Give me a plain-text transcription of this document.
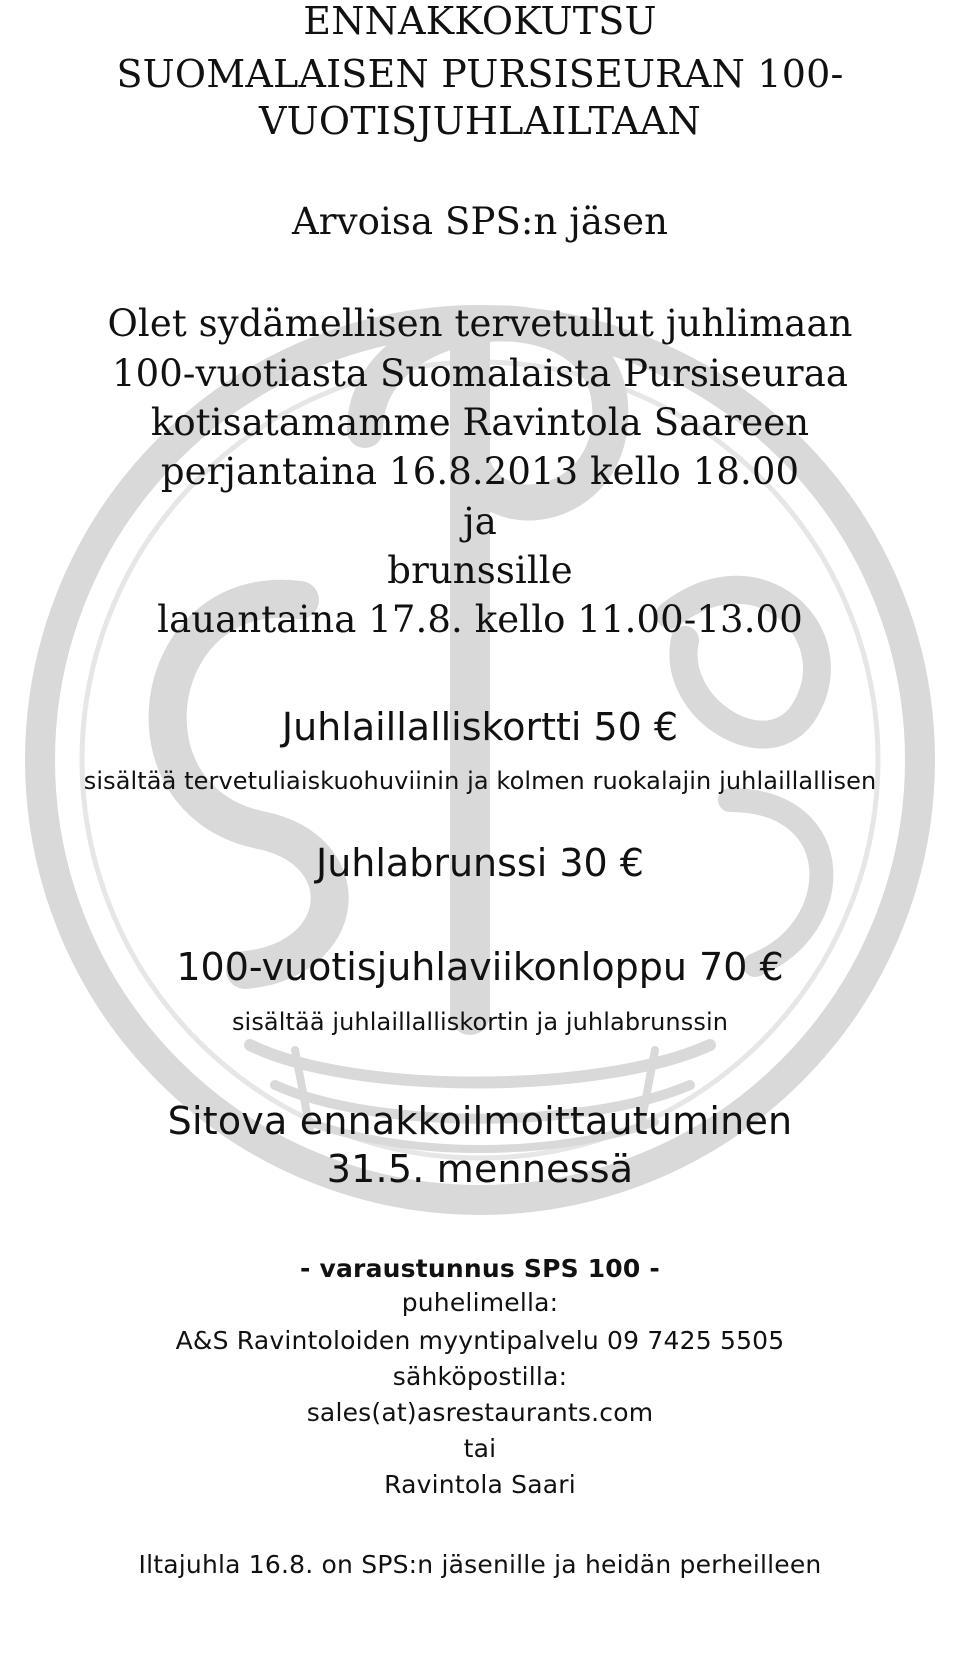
ENNAKKOKUTSU
SUOMALAISEN PURSISEURAN 100-
VUOTISJUHLAILTAAN
Arvoisa SPS:n jäsen
Olet sydämellisen tervetullut juhlimaan
100-vuotiasta Suomalaista Pursiseuraa
kotisatamamme Ravintola Saareen
perjantaina 16.8.2013 kello 18.00
ja
brunssille
lauantaina 17.8. kello 11.00-13.00
Juhlaillalliskortti 50 €
sisältää tervetuliaiskuohuviinin ja kolmen ruokalajin juhlaillallisen
Juhlabrunssi 30 €
100-vuotisjuhlaviikonloppu 70 €
sisältää juhlaillalliskortin ja juhlabrunssin
Sitova ennakkoilmoittautuminen
31.5. mennessä
- varaustunnus SPS 100 -
puhelimella:
A&S Ravintoloiden myyntipalvelu 09 7425 5505
sähköpostilla:
sales(at)asrestaurants.com
tai
Ravintola Saari
Iltajuhla 16.8. on SPS:n jäsenille ja heidän perheilleen
